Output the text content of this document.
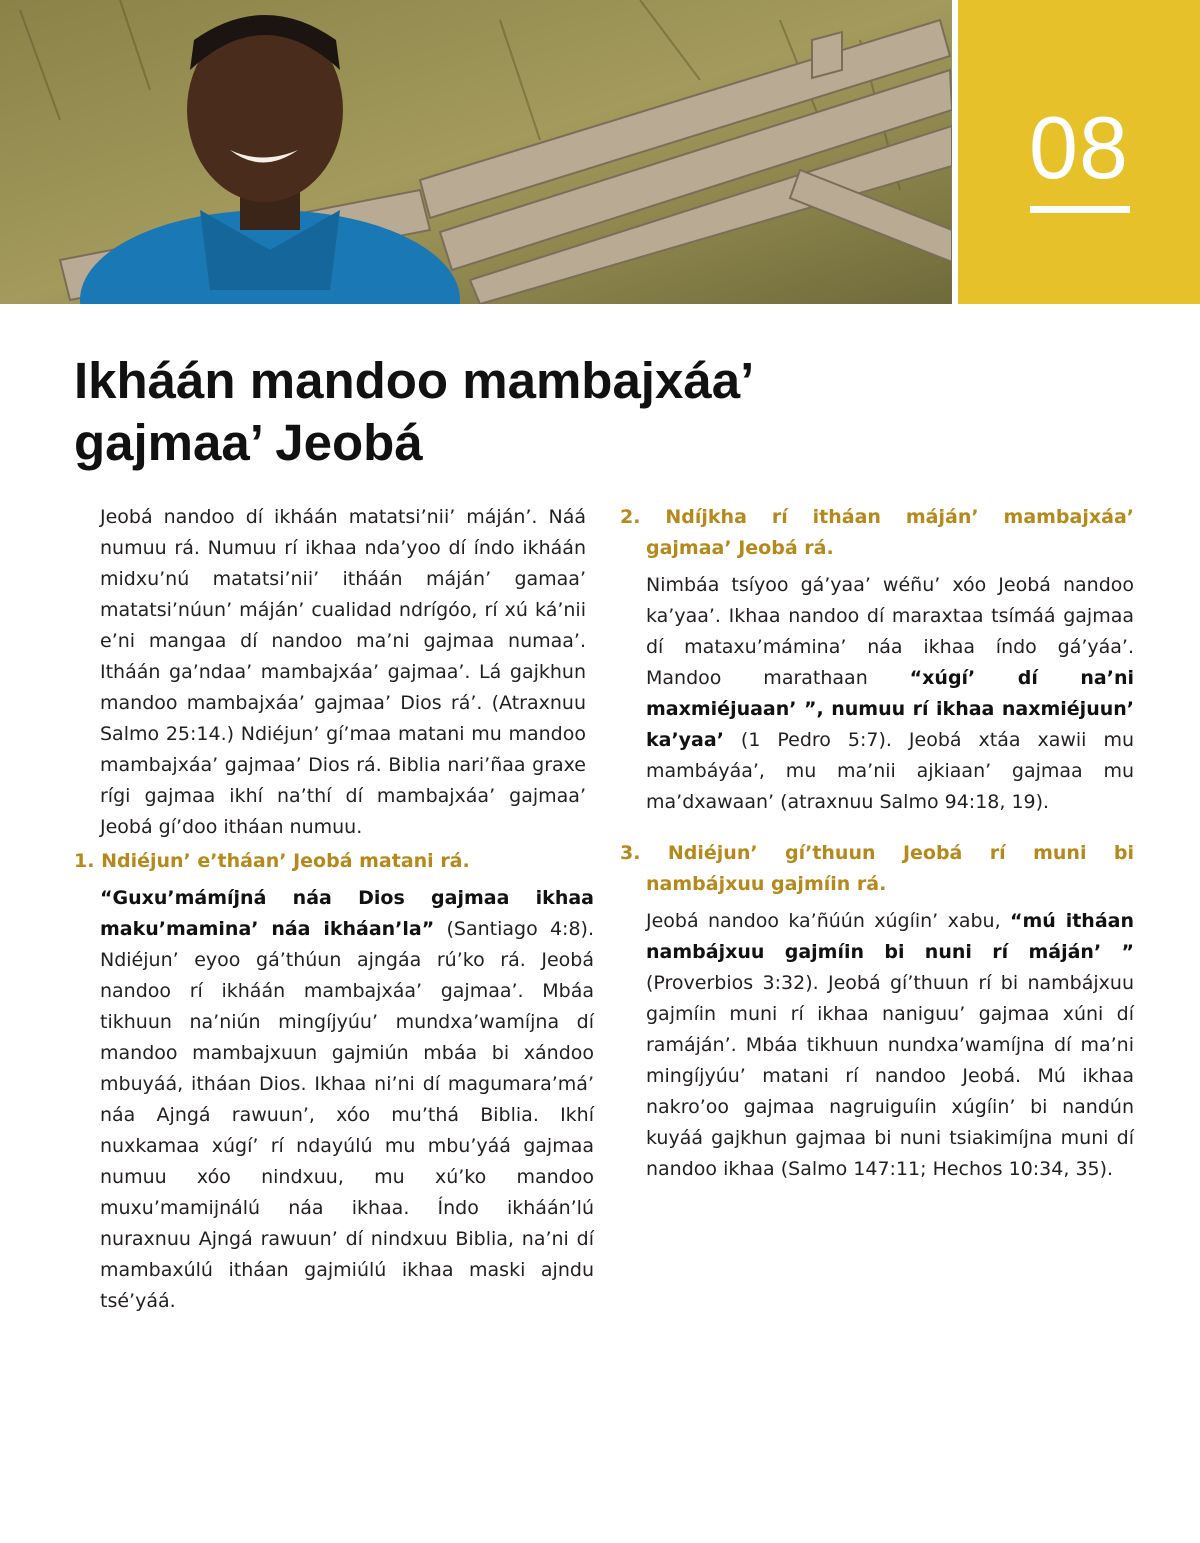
08
Ikháán mandoo mambajxáa’ gajmaa’ Jeobá

Jeobá nandoo dí ikháán matatsi’nii’ máján’. Náá numuu rá. Numuu rí ikhaa nda’yoo dí índo ikháán midxu’nú matatsi’nii’ itháán máján’ gamaa’ matatsi’núun’ máján’ cualidad ndrígóo, rí xú ká’nii e’ni mangaa dí nandoo ma’ni gajmaa numaa’. Itháán ga’ndaa’ mambajxáa’ gajmaa’. Lá gajkhun mandoo mambajxáa’ gajmaa’ Dios rá’. (Atraxnuu Salmo 25:14.) Ndiéjun’ gí’maa matani mu mandoo mambajxáa’ gajmaa’ Dios rá. Biblia nari’ñaa graxe rígi gajmaa ikhí na’thí dí mambajxáa’ gajmaa’ Jeobá gí’doo itháan numuu.

1. Ndiéjun’ e’tháan’ Jeobá matani rá.

“Guxu’mámíjná náa Dios gajmaa ikhaa maku’mamina’ náa ikháan’la” (Santiago 4:8). Ndiéjun’ eyoo gá’thúun ajngáa rú’ko rá. Jeobá nandoo rí ikháán mambajxáa’ gajmaa’. Mbáa tikhuun na’niún mingíjyúu’ mundxa’wamíjna dí mandoo mambajxuun gajmiún mbáa bi xándoo mbuyáá, itháan Dios. Ikhaa ni’ni dí magumara’má’ náa Ajngá rawuun’, xóo mu’thá Biblia. Ikhí nuxkamaa xúgí’ rí ndayúlú mu mbu’yáá gajmaa numuu xóo nindxuu, mu xú’ko mandoo muxu’mamijnálú náa ikhaa. Índo ikháán’lú nuraxnuu Ajngá rawuun’ dí nindxuu Biblia, na’ni dí mambaxúlú itháan gajmiúlú ikhaa maski ajndu tsé’yáá.

2. Ndíjkha rí itháan máján’ mambajxáa’ gajmaa’ Jeobá rá.

Nimbáa tsíyoo gá’yaa’ wéñu’ xóo Jeobá nandoo ka’yaa’. Ikhaa nandoo dí maraxtaa tsímáá gajmaa dí mataxu’mámina’ náa ikhaa índo gá’yáa’. Mandoo marathaan “xúgí’ dí na’ni maxmiéjuaan’ ”, numuu rí ikhaa naxmiéjuun’ ka’yaa’ (1 Pedro 5:7). Jeobá xtáa xawii mu mambáyáa’, mu ma’nii ajkiaan’ gajmaa mu ma’dxawaan’ (atraxnuu Salmo 94:18, 19).

3. Ndiéjun’ gí’thuun Jeobá rí muni bi nambájxuu gajmíin rá.

Jeobá nandoo ka’ñúún xúgíin’ xabu, “mú itháan nambájxuu gajmíin bi nuni rí máján’ ” (Proverbios 3:32). Jeobá gí’thuun rí bi nambájxuu gajmíin muni rí ikhaa naniguu’ gajmaa xúni dí ramáján’. Mbáa tikhuun nundxa’wamíjna dí ma’ni mingíjyúu’ matani rí nandoo Jeobá. Mú ikhaa nakro’oo gajmaa nagruiguíin xúgíin’ bi nandún kuyáá gajkhun gajmaa bi nuni tsiakimíjna muni dí nandoo ikhaa (Salmo 147:11; Hechos 10:34, 35).
